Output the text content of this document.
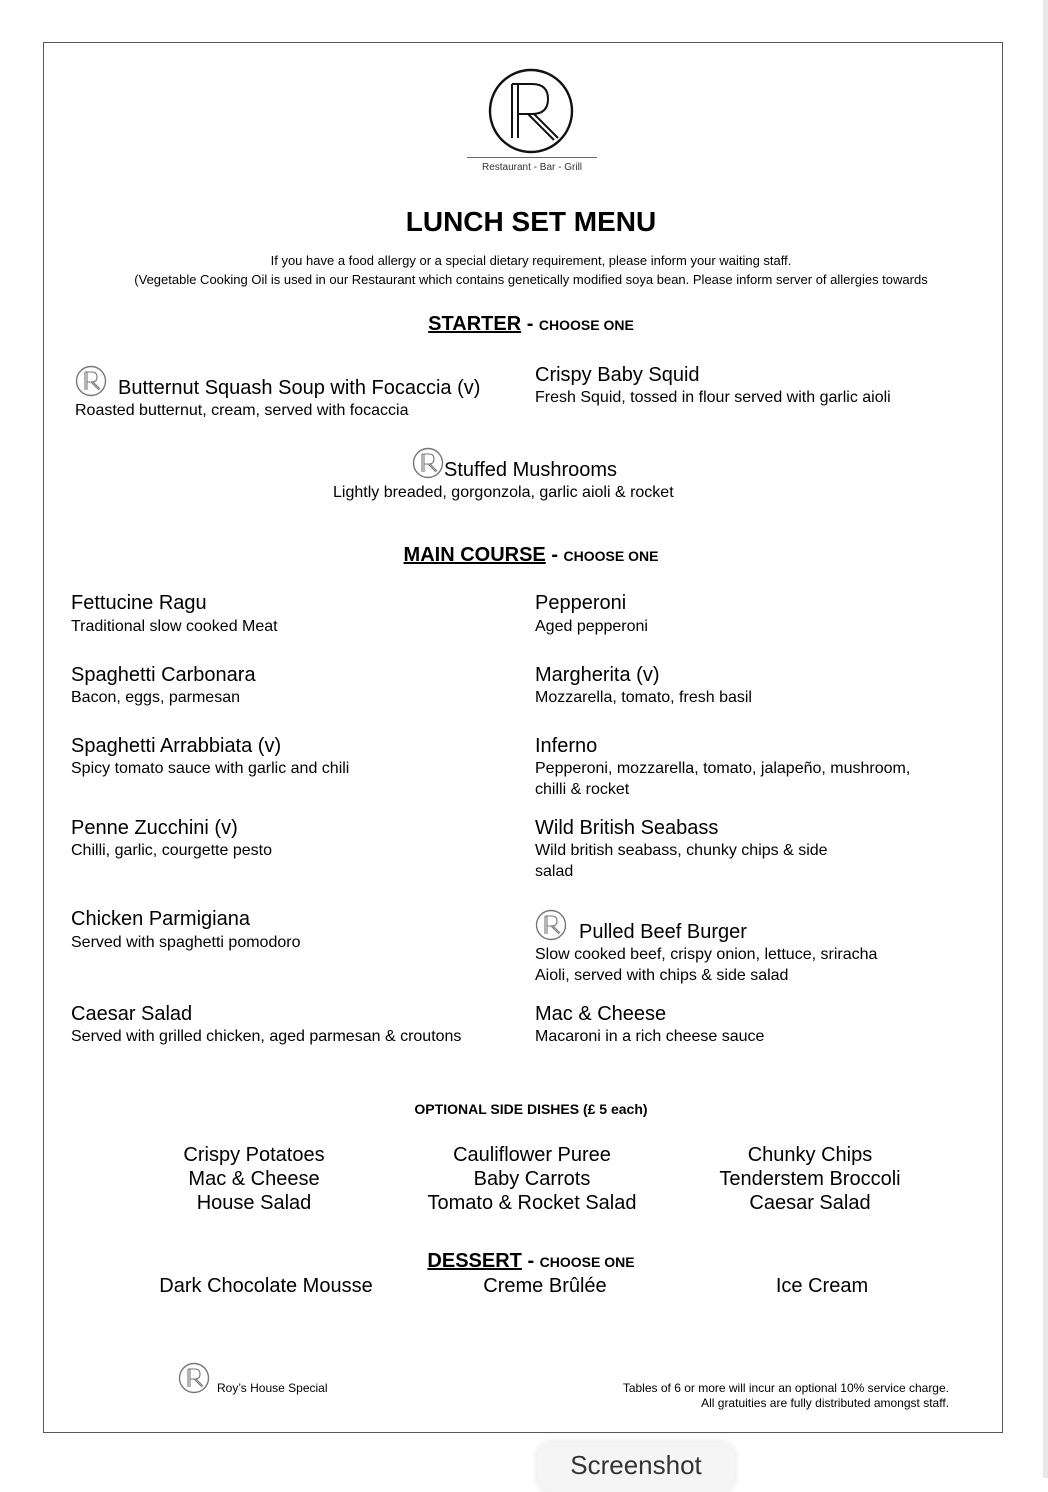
Restaurant - Bar - Grill
LUNCH SET MENU
If you have a food allergy or a special dietary requirement, please inform your waiting staff.
(Vegetable Cooking Oil is used in our Restaurant which contains genetically modified soya bean. Please inform server of allergies towards
STARTER - CHOOSE ONE
Butternut Squash Soup with Focaccia (v)
Roasted butternut, cream, served with focaccia
Crispy Baby Squid
Fresh Squid, tossed in flour served with garlic aioli
Stuffed Mushrooms
Lightly breaded, gorgonzola, garlic aioli & rocket
MAIN COURSE - CHOOSE ONE
Fettucine Ragu
Traditional slow cooked Meat
Spaghetti Carbonara
Bacon, eggs, parmesan
Spaghetti Arrabbiata (v)
Spicy tomato sauce with garlic and chili
Penne Zucchini (v)
Chilli, garlic, courgette pesto
Chicken Parmigiana
Served with spaghetti pomodoro
Caesar Salad
Served with grilled chicken, aged parmesan & croutons
Pepperoni
Aged pepperoni
Margherita (v)
Mozzarella, tomato, fresh basil
Inferno
Pepperoni, mozzarella, tomato, jalapeño, mushroom,
chilli & rocket
Wild British Seabass
Wild british seabass, chunky chips & side
salad
Pulled Beef Burger
Slow cooked beef, crispy onion, lettuce, sriracha
Aioli, served with chips & side salad
Mac & Cheese
Macaroni in a rich cheese sauce
OPTIONAL SIDE DISHES (£ 5 each)
Crispy Potatoes
Mac & Cheese
House Salad
Cauliflower Puree
Baby Carrots
Tomato & Rocket Salad
Chunky Chips
Tenderstem Broccoli
Caesar Salad
DESSERT - CHOOSE ONE
Dark Chocolate Mousse	Creme Brûlée	Ice Cream
Roy’s House Special	Tables of 6 or more will incur an optional 10% service charge.
All gratuities are fully distributed amongst staff.
Screenshot
